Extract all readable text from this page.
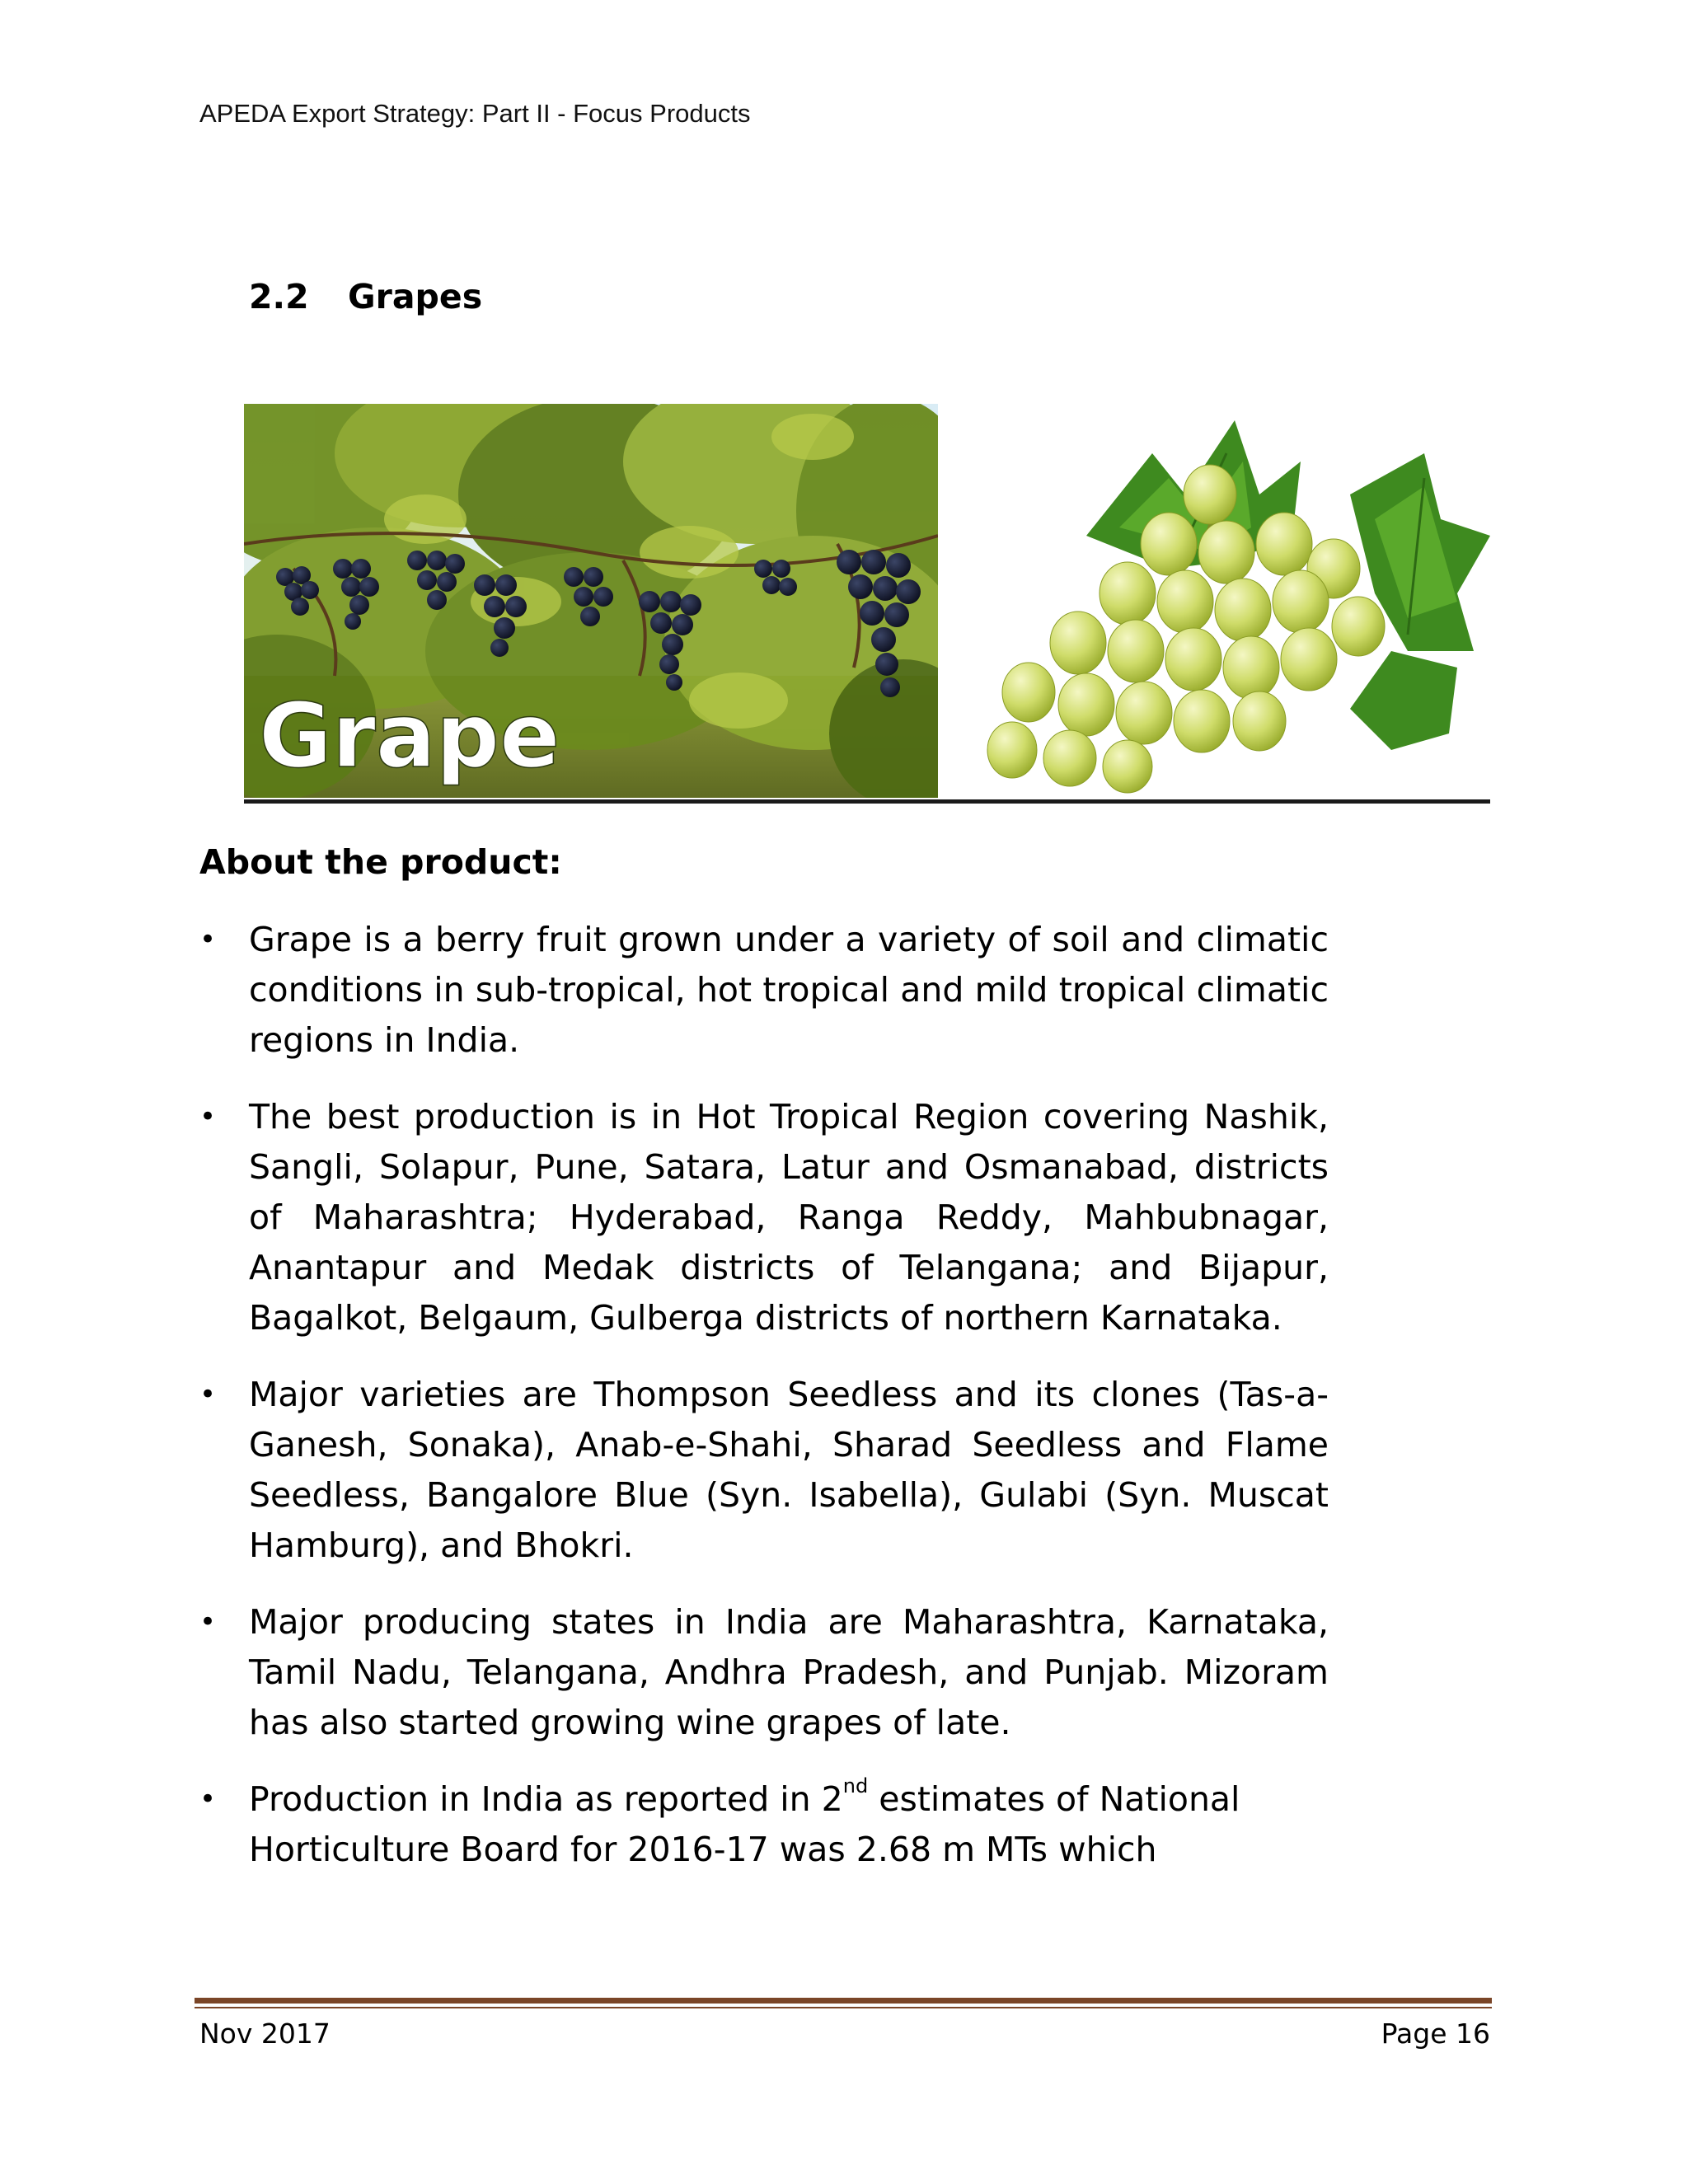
APEDA Export Strategy: Part II - Focus Products
2.2 Grapes
Grape
About the product:
• Grape is a berry fruit grown under a variety of soil and climatic conditions in sub-tropical, hot tropical and mild tropical climatic regions in India.
• The best production is in Hot Tropical Region covering Nashik, Sangli, Solapur, Pune, Satara, Latur and Osmanabad, districts of Maharashtra; Hyderabad, Ranga Reddy, Mahbubnagar, Anantapur and Medak districts of Telangana; and Bijapur, Bagalkot, Belgaum, Gulberga districts of northern Karnataka.
• Major varieties are Thompson Seedless and its clones (Tas-a-Ganesh, Sonaka), Anab-e-Shahi, Sharad Seedless and Flame Seedless, Bangalore Blue (Syn. Isabella), Gulabi (Syn. Muscat Hamburg), and Bhokri.
• Major producing states in India are Maharashtra, Karnataka, Tamil Nadu, Telangana, Andhra Pradesh, and Punjab. Mizoram has also started growing wine grapes of late.
• Production in India as reported in 2nd estimates of National Horticulture Board for 2016-17 was 2.68 m MTs which
Nov 2017	Page 16
